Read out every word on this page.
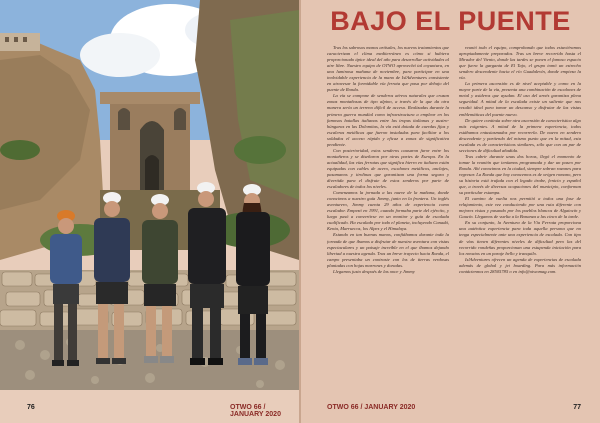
76	OTWO 66 / JANUARY 2020
BAJO EL PUENTE

Tras los sabrosos manos artísales, los nuevos tratamientos que caracterizan el clima mediterráneo es cómo si hubiera proporcionado ápice ideal del año para desarrollar actividades al aire libre. Nuestro equipo de OTWO aprovechó tal coyuntura, en una luminosa mañana de noviembre, para participar en una inolvidable experiencia de la mano de IslAdventures consistente en atravesar la formidable vía ferrata que pasa por debajo del puente de Ronda.

La vía se compone de senderos aéreos naturales que cruzan zonas montañosas de tipo alpino, a través de la que da otra manera sería un terreno difícil de acceso. Realizadas durante la primera guerra mundial como infraestructura a emplear en los famosos batallas italianas entre las tropas italianas y austro-húngaras en las Dolomitas, la vía está dotada de cuerdas fijas y escaleras metálicas que fueron instaladas para facilitar a los soldados el acceso rápido y eficaz a zonas de significativa pendiente.

Con posterioridad, estos senderos causaron furor entre los montañeros y se diseñaron por otras partes de Europa. En la actualidad, las vías ferratas que significa hierro en italiano están equipadas con cables de acero, escalones metálicos, anclajes, pasamanos y tirolinas que garantizan una forma segura y divertida para el disfrute de estos senderos por parte de escaladores de todos los niveles.

Comenzamos la jornada a las nueve de la mañana, donde conocimos a nuestro guía Jimmy, junto en la frontera. Un inglés aventurero, Jimmy cuenta 29 años de experiencia como escalador. Empezó en 1991, cuando formaba parte del ejército, y luego pasó a convertirse en un monitor y guía de escalada cualificado. Ha escalado por todo el planeta, incluyendo Canadá, Kenia, Marruecos, los Alpes y el Himalaya.

Estando en tan buenas manos, confiábamos durante toda la jornada de que íbamos a disfrutar de nuestra aventura con vistas espectaculares y un paisaje increíble en el que íbamos dejando libertad a nuestra agenda. Tras un breve trayecto hacia Ronda, el campo presentaba un contraste con los de tierras verdosas plantadas con hojas marrones y doradas.

Llegamos justo después de las once y Jimmy

reunió todo el equipo, comprobando que todos estuviéramos apropiadamente preparados. Tras un breve recorrido hasta el Mirador del Viento, donde las tardes se ponen el famoso espacio que fuera la garganta de El Tajo, el grupo tomó un estrecho sendero descendente hacia el río Guadalevín, donde empieza la vía.

La primera ascensión es de nivel aceptable y como en la mayor parte de la vía, presenta una combinación de escalones de metal y asideros que ayudan. El uso del arnés garantiza plena seguridad. A mitad de la escalada existe un saliente que nos resultó ideal para tomar un descanso y disfrutar de las vistas emblemáticas del puente nuevo.

De quiere continúa sobre otra ascensión de característica algo más exigentes. A mitad de la primera experiencia, todos estábamos entusiasmados por recorrerla. De nuevo en sendero descendente y partiendo del mismo punto que en la mitad, esta escalada es de características similares, sólo que con un par de secciones de dificultad añadida.

Tras cubrir durante unas dos horas, llegó el momento de tomar la reunión que teníamos programada y dar un paseo por Ronda. Ahí conocimos en la ciudad, siempre sobran razones para regresar. La Ronda que hoy conocemos es de origen romano, pero su historia está trufada con el legado árabe, fenicio y español que, a través de diversas ocupaciones del municipio, conforman su particular estampa.

El camino de vuelta nos permitió a todos una fase de relajamiento, este vez conduciendo por una ruta diferente con mejores vistas y pasando por los pueblos blancos de Algatocín y Gaucín. Llegamos de vuelta a la Bonanza a las cinco de la tarde.

En su conjunto, la Aventura de la Vía Ferrata proporciona una auténtica experiencia para toda aquella persona que no tenga especialmente ante una experiencia de escalada. Con tipo de vías tienen diferentes niveles de dificultad pero las del recorrido rondeñas proporcionan una estupenda iniciación para los novatos en un paraje bello y tranquilo.

IslAdventures ofrecen un agenda de experiencias de escalada además de global y jet boarding. Para más información contáctennos en 28505785 o en info@otwomag.com.

OTWO 66 / JANUARY 2020	77
